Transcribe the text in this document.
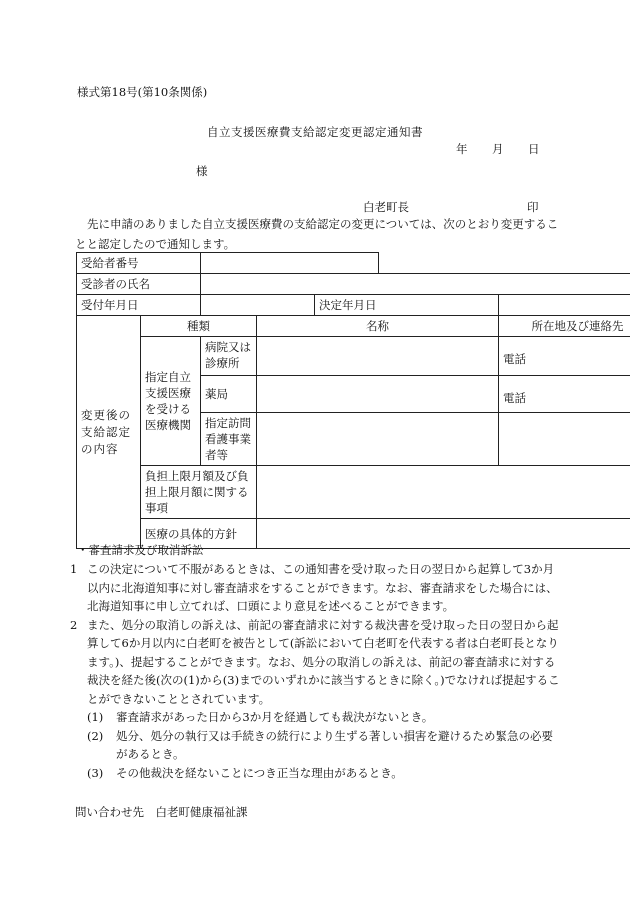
様式第18号(第10条関係)
自立支援医療費支給認定変更認定通知書
年 月 日
様
白老町長	印
先に申請のありました自立支援医療費の支給認定の変更については、次のとおり変更することと認定したので通知します。
受給者番号						
受診者の氏名						
受付年月日				決定年月日		
変更後の支給認定の内容	種類		名称			所在地及び連絡先
	指定自立支援医療を受ける医療機関	病院又は診療所				電話

		薬局				電話

		指定訪問看護事業者等				
	負担上限月額及び負担上限月額に関する事項					
	医療の具体的方針					
・審査請求及び取消訴訟
1 この決定について不服があるときは、この通知書を受け取った日の翌日から起算して3か月以内に北海道知事に対し審査請求をすることができます。なお、審査請求をした場合には、北海道知事に申し立てれば、口頭により意見を述べることができます。
2 また、処分の取消しの訴えは、前記の審査請求に対する裁決書を受け取った日の翌日から起算して6か月以内に白老町を被告として(訴訟において白老町を代表する者は白老町長となります。)、提起することができます。なお、処分の取消しの訴えは、前記の審査請求に対する裁決を経た後(次の(1)から(3)までのいずれかに該当するときに除く。)でなければ提起することができないこととされています。
(1) 審査請求があった日から3か月を経過しても裁決がないとき。
(2) 処分、処分の執行又は手続きの続行により生ずる著しい損害を避けるため緊急の必要があるとき。
(3) その他裁決を経ないことにつき正当な理由があるとき。
問い合わせ先　白老町健康福祉課
